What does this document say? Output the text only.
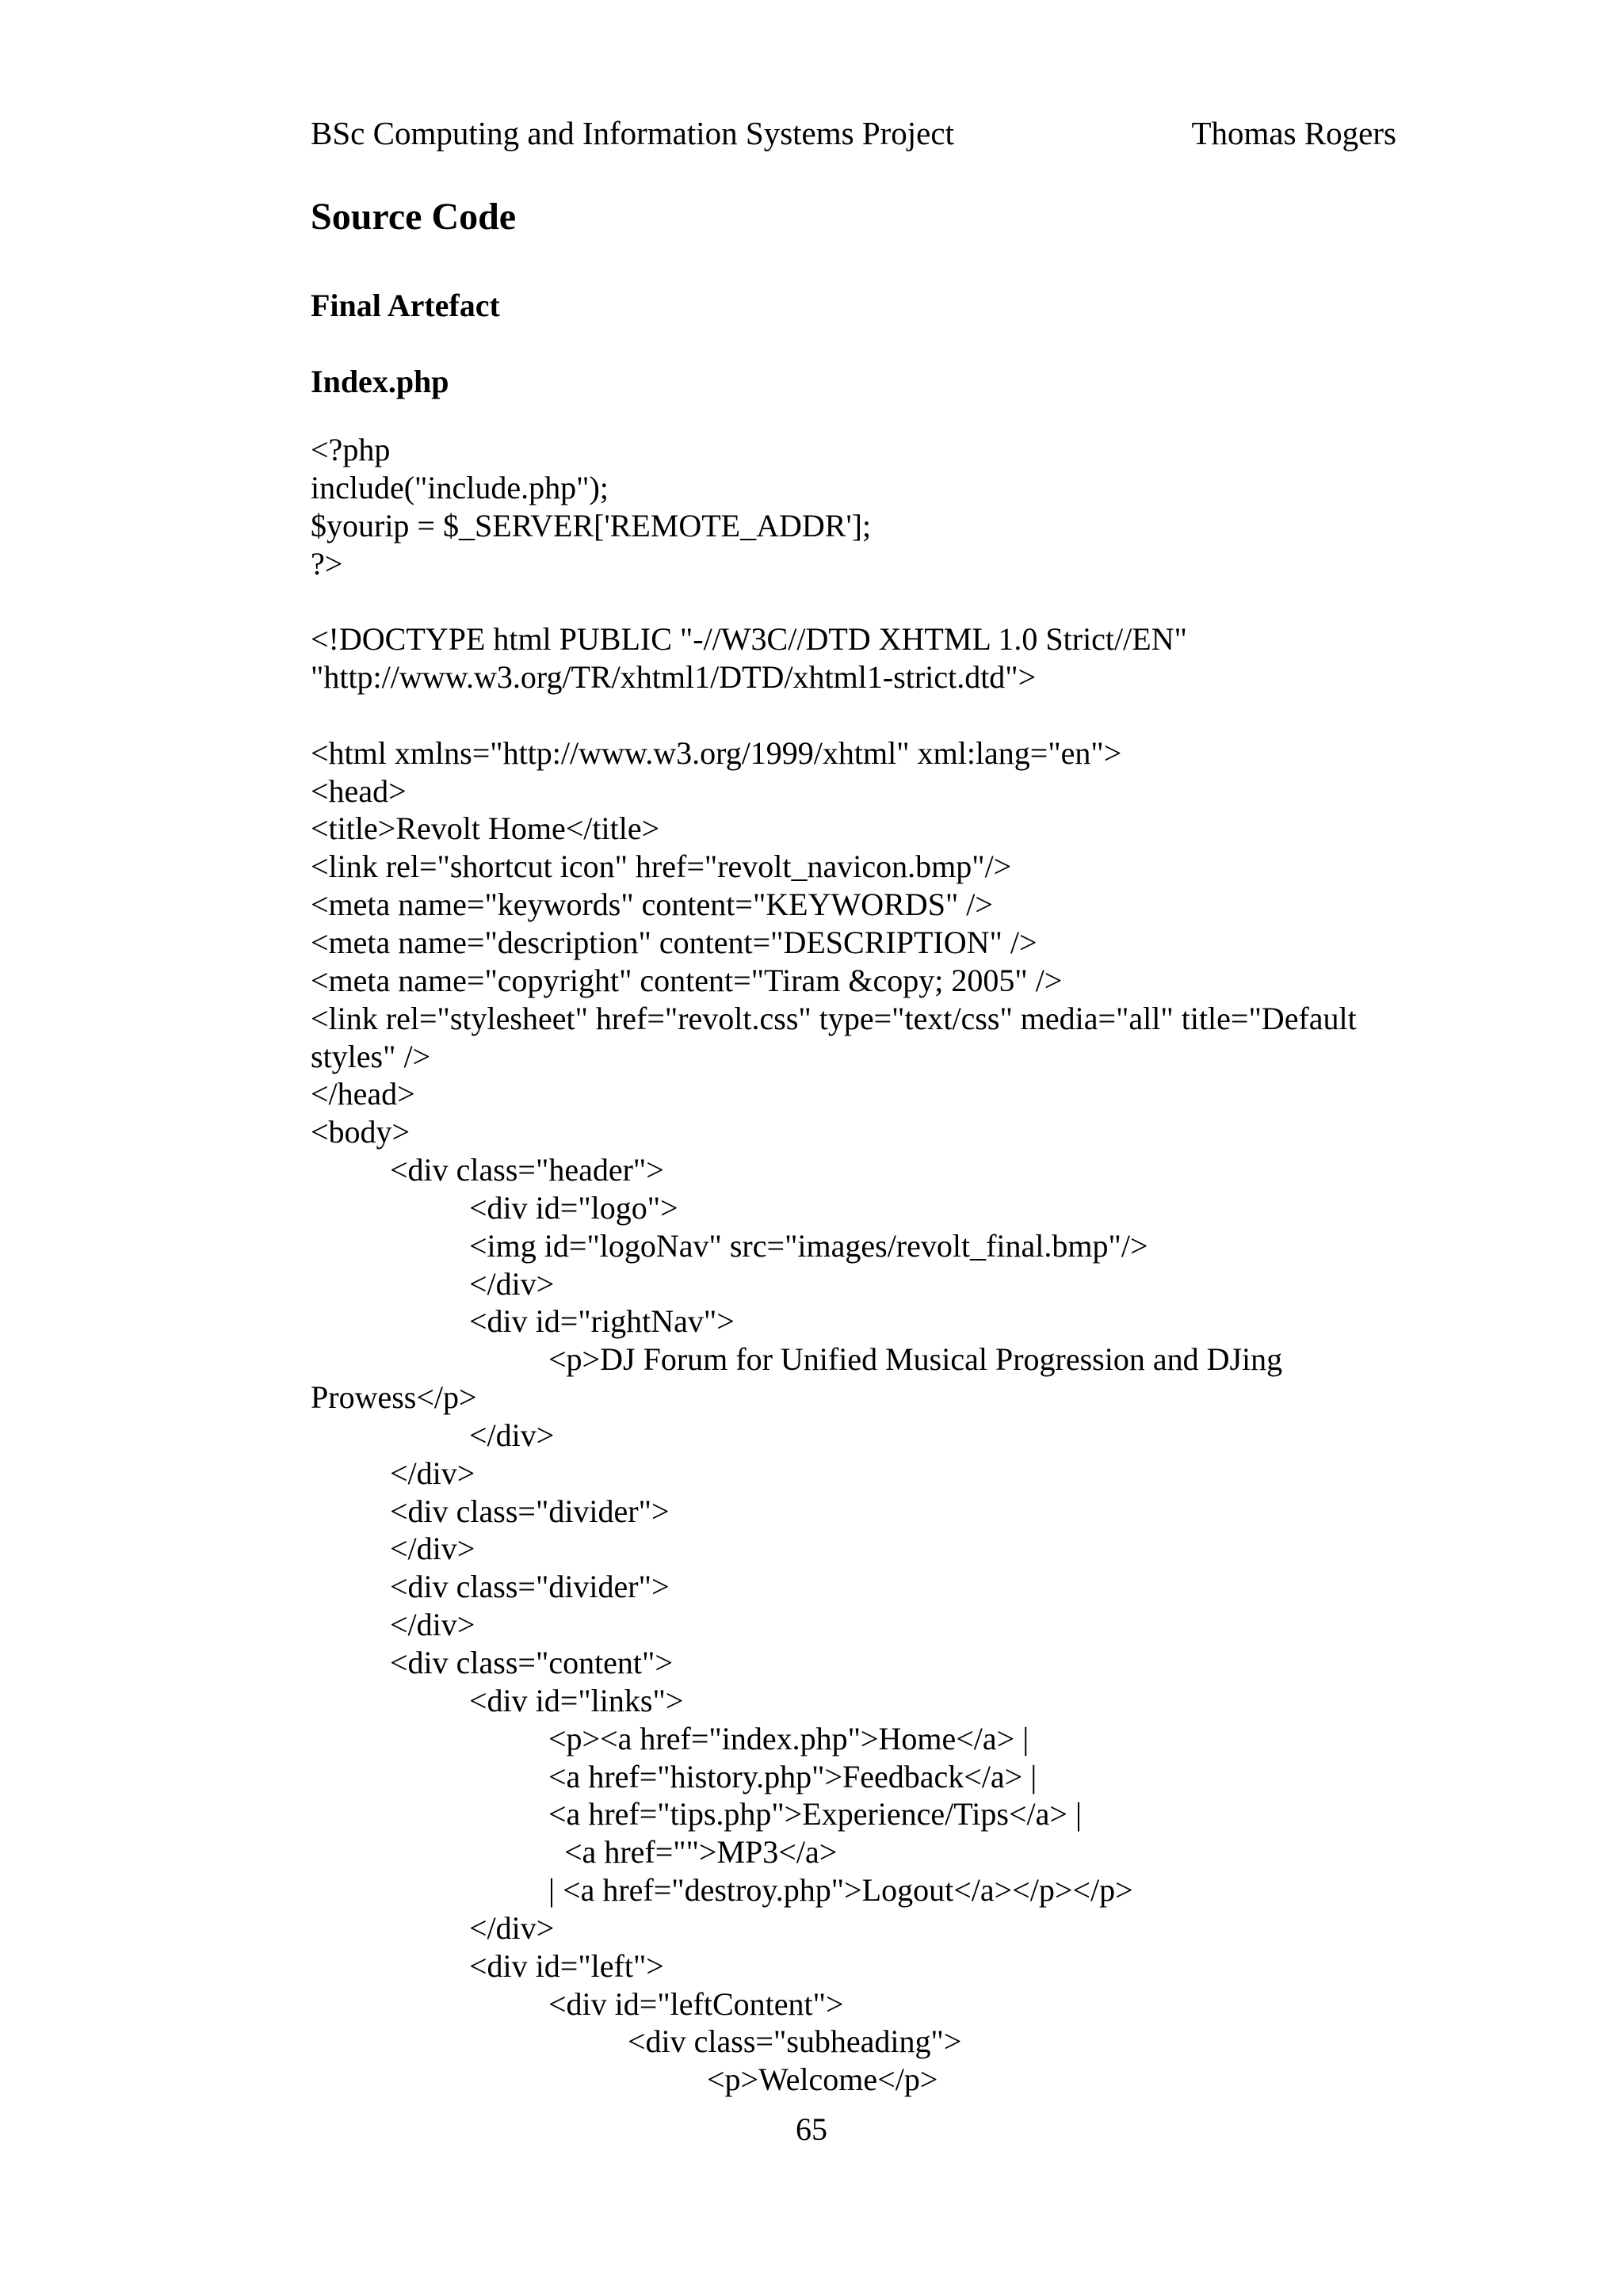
BSc Computing and Information Systems Project	Thomas Rogers
Source Code
Final Artefact
Index.php
<?php
include("include.php");
$yourip = $_SERVER['REMOTE_ADDR'];
?>
<!DOCTYPE html PUBLIC "-//W3C//DTD XHTML 1.0 Strict//EN"
"http://www.w3.org/TR/xhtml1/DTD/xhtml1-strict.dtd">
<html xmlns="http://www.w3.org/1999/xhtml" xml:lang="en">
<head>
<title>Revolt Home</title>
<link rel="shortcut icon" href="revolt_navicon.bmp"/>
<meta name="keywords" content="KEYWORDS" />
<meta name="description" content="DESCRIPTION" />
<meta name="copyright" content="Tiram &copy; 2005" />
<link rel="stylesheet" href="revolt.css" type="text/css" media="all" title="Default
styles" />
</head>
<body>
<div class="header">
<div id="logo">
<img id="logoNav" src="images/revolt_final.bmp"/>
</div>
<div id="rightNav">
<p>DJ Forum for Unified Musical Progression and DJing
Prowess</p>
</div>
</div>
<div class="divider">
</div>
<div class="divider">
</div>
<div class="content">
<div id="links">
<p><a href="index.php">Home</a> |
<a href="history.php">Feedback</a> |
<a href="tips.php">Experience/Tips</a> |
<a href="">MP3</a>
| <a href="destroy.php">Logout</a></p></p>
</div>
<div id="left">
<div id="leftContent">
<div class="subheading">
<p>Welcome</p>
65
